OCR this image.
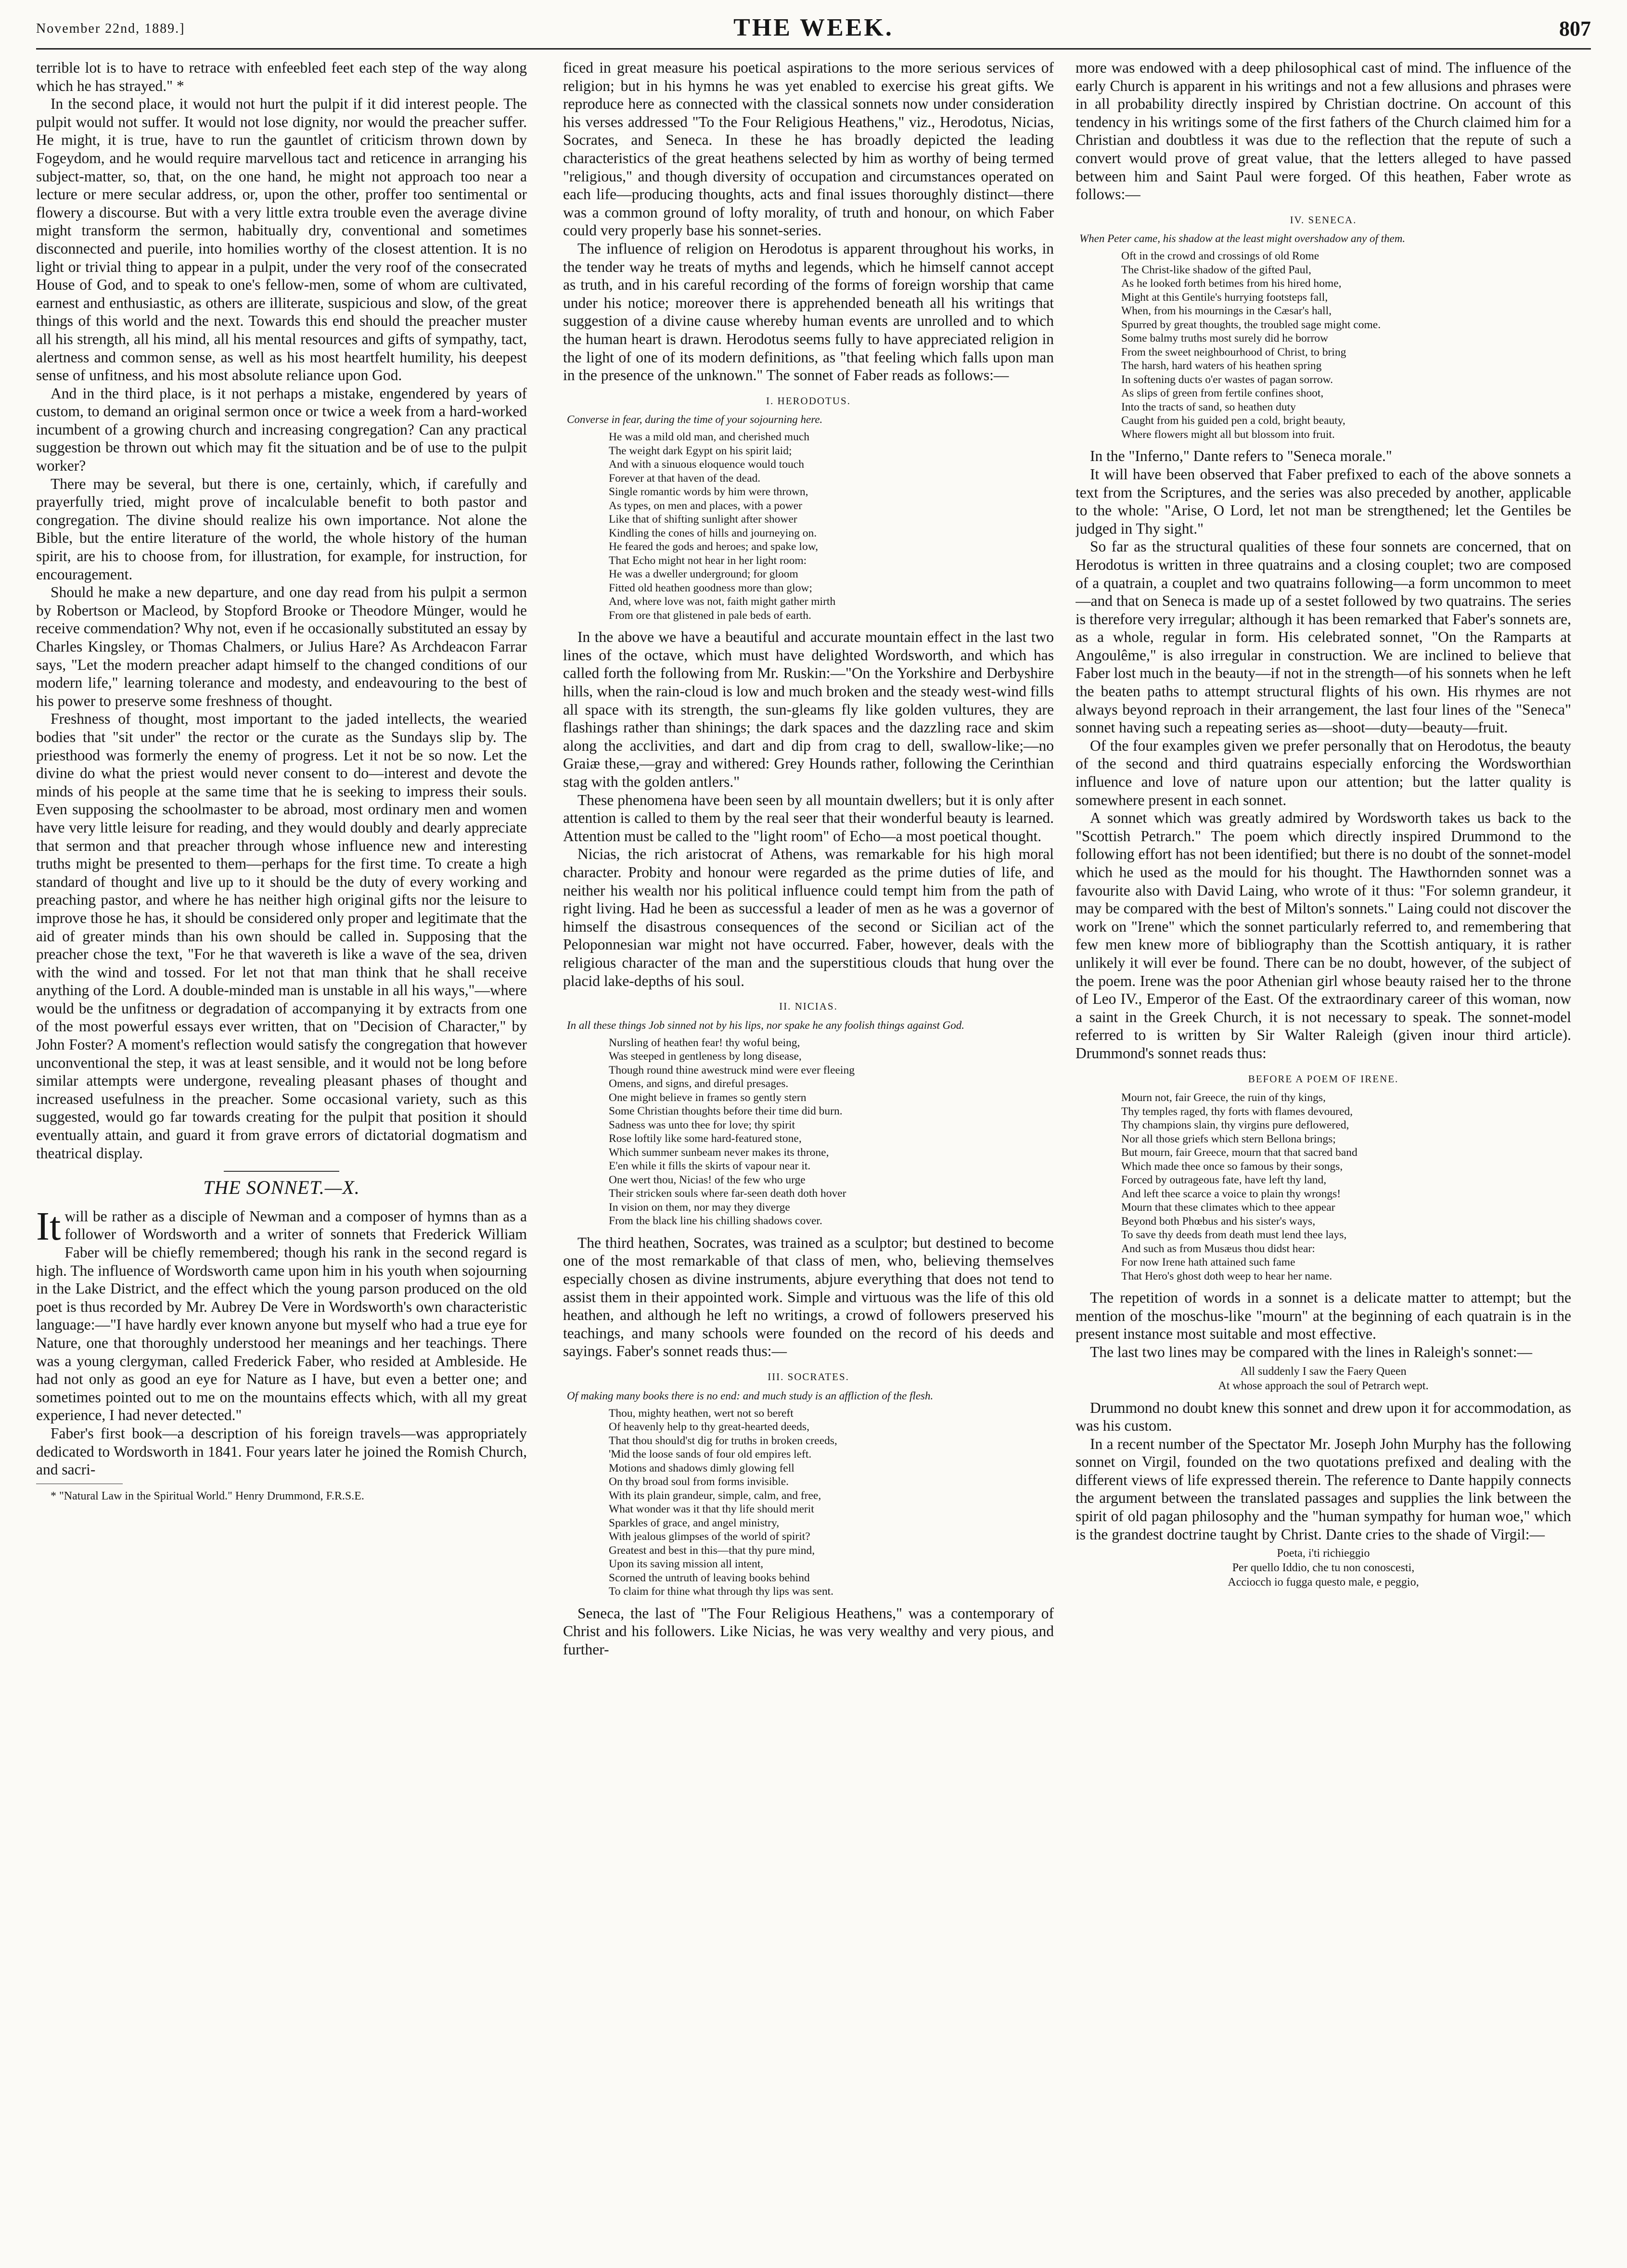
November 22nd, 1889.]	THE WEEK.	807

terrible lot is to have to retrace with enfeebled feet each step of the way along which he has strayed." *

In the second place, it would not hurt the pulpit if it did interest people. The pulpit would not suffer. It would not lose dignity, nor would the preacher suffer. He might, it is true, have to run the gauntlet of criticism thrown down by Fogeydom, and he would require marvellous tact and reticence in arranging his subject-matter, so, that, on the one hand, he might not approach too near a lecture or mere secular address, or, upon the other, proffer too sentimental or flowery a discourse. But with a very little extra trouble even the average divine might transform the sermon, habitually dry, conventional and sometimes disconnected and puerile, into homilies worthy of the closest attention. It is no light or trivial thing to appear in a pulpit, under the very roof of the consecrated House of God, and to speak to one's fellow-men, some of whom are cultivated, earnest and enthusiastic, as others are illiterate, suspicious and slow, of the great things of this world and the next. Towards this end should the preacher muster all his strength, all his mind, all his mental resources and gifts of sympathy, tact, alertness and common sense, as well as his most heartfelt humility, his deepest sense of unfitness, and his most absolute reliance upon God.

And in the third place, is it not perhaps a mistake, engendered by years of custom, to demand an original sermon once or twice a week from a hard-worked incumbent of a growing church and increasing congregation? Can any practical suggestion be thrown out which may fit the situation and be of use to the pulpit worker?

There may be several, but there is one, certainly, which, if carefully and prayerfully tried, might prove of incalculable benefit to both pastor and congregation. The divine should realize his own importance. Not alone the Bible, but the entire literature of the world, the whole history of the human spirit, are his to choose from, for illustration, for example, for instruction, for encouragement.

Should he make a new departure, and one day read from his pulpit a sermon by Robertson or Macleod, by Stopford Brooke or Theodore Münger, would he receive commendation? Why not, even if he occasionally substituted an essay by Charles Kingsley, or Thomas Chalmers, or Julius Hare? As Archdeacon Farrar says, "Let the modern preacher adapt himself to the changed conditions of our modern life," learning tolerance and modesty, and endeavouring to the best of his power to preserve some freshness of thought.

Freshness of thought, most important to the jaded intellects, the wearied bodies that "sit under" the rector or the curate as the Sundays slip by. The priesthood was formerly the enemy of progress. Let it not be so now. Let the divine do what the priest would never consent to do—interest and devote the minds of his people at the same time that he is seeking to impress their souls. Even supposing the schoolmaster to be abroad, most ordinary men and women have very little leisure for reading, and they would doubly and dearly appreciate that sermon and that preacher through whose influence new and interesting truths might be presented to them—perhaps for the first time. To create a high standard of thought and live up to it should be the duty of every working and preaching pastor, and where he has neither high original gifts nor the leisure to improve those he has, it should be considered only proper and legitimate that the aid of greater minds than his own should be called in. Supposing that the preacher chose the text, "For he that wavereth is like a wave of the sea, driven with the wind and tossed. For let not that man think that he shall receive anything of the Lord. A double-minded man is unstable in all his ways,"—where would be the unfitness or degradation of accompanying it by extracts from one of the most powerful essays ever written, that on "Decision of Character," by John Foster? A moment's reflection would satisfy the congregation that however unconventional the step, it was at least sensible, and it would not be long before similar attempts were undergone, revealing pleasant phases of thought and increased usefulness in the preacher. Some occasional variety, such as this suggested, would go far towards creating for the pulpit that position it should eventually attain, and guard it from grave errors of dictatorial dogmatism and theatrical display.

THE SONNET.—X.

It will be rather as a disciple of Newman and a composer of hymns than as a follower of Wordsworth and a writer of sonnets that Frederick William Faber will be chiefly remembered; though his rank in the second regard is high. The influence of Wordsworth came upon him in his youth when sojourning in the Lake District, and the effect which the young parson produced on the old poet is thus recorded by Mr. Aubrey De Vere in Wordsworth's own characteristic language:—"I have hardly ever known anyone but myself who had a true eye for Nature, one that thoroughly understood her meanings and her teachings. There was a young clergyman, called Frederick Faber, who resided at Ambleside. He had not only as good an eye for Nature as I have, but even a better one; and sometimes pointed out to me on the mountains effects which, with all my great experience, I had never detected."

Faber's first book—a description of his foreign travels—was appropriately dedicated to Wordsworth in 1841. Four years later he joined the Romish Church, and sacri-

* "Natural Law in the Spiritual World." Henry Drummond, F.R.S.E.

ficed in great measure his poetical aspirations to the more serious services of religion; but in his hymns he was yet enabled to exercise his great gifts. We reproduce here as connected with the classical sonnets now under consideration his verses addressed "To the Four Religious Heathens," viz., Herodotus, Nicias, Socrates, and Seneca. In these he has broadly depicted the leading characteristics of the great heathens selected by him as worthy of being termed "religious," and though diversity of occupation and circumstances operated on each life—producing thoughts, acts and final issues thoroughly distinct—there was a common ground of lofty morality, of truth and honour, on which Faber could very properly base his sonnet-series.

The influence of religion on Herodotus is apparent throughout his works, in the tender way he treats of myths and legends, which he himself cannot accept as truth, and in his careful recording of the forms of foreign worship that came under his notice; moreover there is apprehended beneath all his writings that suggestion of a divine cause whereby human events are unrolled and to which the human heart is drawn. Herodotus seems fully to have appreciated religion in the light of one of its modern definitions, as "that feeling which falls upon man in the presence of the unknown." The sonnet of Faber reads as follows:—

I. HERODOTUS.
Converse in fear, during the time of your sojourning here.
He was a mild old man, and cherished much
The weight dark Egypt on his spirit laid;
And with a sinuous eloquence would touch
Forever at that haven of the dead.
Single romantic words by him were thrown,
As types, on men and places, with a power
Like that of shifting sunlight after shower
Kindling the cones of hills and journeying on.
He feared the gods and heroes; and spake low,
That Echo might not hear in her light room:
He was a dweller underground; for gloom
Fitted old heathen goodness more than glow;
And, where love was not, faith might gather mirth
From ore that glistened in pale beds of earth.

In the above we have a beautiful and accurate mountain effect in the last two lines of the octave, which must have delighted Wordsworth, and which has called forth the following from Mr. Ruskin:—"On the Yorkshire and Derbyshire hills, when the rain-cloud is low and much broken and the steady west-wind fills all space with its strength, the sun-gleams fly like golden vultures, they are flashings rather than shinings; the dark spaces and the dazzling race and skim along the acclivities, and dart and dip from crag to dell, swallow-like;—no Graiæ these,—gray and withered: Grey Hounds rather, following the Cerinthian stag with the golden antlers."

These phenomena have been seen by all mountain dwellers; but it is only after attention is called to them by the real seer that their wonderful beauty is learned. Attention must be called to the "light room" of Echo—a most poetical thought.

Nicias, the rich aristocrat of Athens, was remarkable for his high moral character. Probity and honour were regarded as the prime duties of life, and neither his wealth nor his political influence could tempt him from the path of right living. Had he been as successful a leader of men as he was a governor of himself the disastrous consequences of the second or Sicilian act of the Peloponnesian war might not have occurred. Faber, however, deals with the religious character of the man and the superstitious clouds that hung over the placid lake-depths of his soul.

II. NICIAS.
In all these things Job sinned not by his lips, nor spake he any foolish things against God.
Nursling of heathen fear! thy woful being,
Was steeped in gentleness by long disease,
Though round thine awestruck mind were ever fleeing
Omens, and signs, and direful presages.
One might believe in frames so gently stern
Some Christian thoughts before their time did burn.
Sadness was unto thee for love; thy spirit
Rose loftily like some hard-featured stone,
Which summer sunbeam never makes its throne,
E'en while it fills the skirts of vapour near it.
One wert thou, Nicias! of the few who urge
Their stricken souls where far-seen death doth hover
In vision on them, nor may they diverge
From the black line his chilling shadows cover.

The third heathen, Socrates, was trained as a sculptor; but destined to become one of the most remarkable of that class of men, who, believing themselves especially chosen as divine instruments, abjure everything that does not tend to assist them in their appointed work. Simple and virtuous was the life of this old heathen, and although he left no writings, a crowd of followers preserved his teachings, and many schools were founded on the record of his deeds and sayings. Faber's sonnet reads thus:—

III. SOCRATES.
Of making many books there is no end: and much study is an affliction of the flesh.
Thou, mighty heathen, wert not so bereft
Of heavenly help to thy great-hearted deeds,
That thou should'st dig for truths in broken creeds,
'Mid the loose sands of four old empires left.
Motions and shadows dimly glowing fell
On thy broad soul from forms invisible.
With its plain grandeur, simple, calm, and free,
What wonder was it that thy life should merit
Sparkles of grace, and angel ministry,
With jealous glimpses of the world of spirit?
Greatest and best in this—that thy pure mind,
Upon its saving mission all intent,
Scorned the untruth of leaving books behind
To claim for thine what through thy lips was sent.

Seneca, the last of "The Four Religious Heathens," was a contemporary of Christ and his followers. Like Nicias, he was very wealthy and very pious, and further-

more was endowed with a deep philosophical cast of mind. The influence of the early Church is apparent in his writings and not a few allusions and phrases were in all probability directly inspired by Christian doctrine. On account of this tendency in his writings some of the first fathers of the Church claimed him for a Christian and doubtless it was due to the reflection that the repute of such a convert would prove of great value, that the letters alleged to have passed between him and Saint Paul were forged. Of this heathen, Faber wrote as follows:—

IV. SENECA.
When Peter came, his shadow at the least might overshadow any of them.
Oft in the crowd and crossings of old Rome
The Christ-like shadow of the gifted Paul,
As he looked forth betimes from his hired home,
Might at this Gentile's hurrying footsteps fall,
When, from his mournings in the Cæsar's hall,
Spurred by great thoughts, the troubled sage might come.
Some balmy truths most surely did he borrow
From the sweet neighbourhood of Christ, to bring
The harsh, hard waters of his heathen spring
In softening ducts o'er wastes of pagan sorrow.
As slips of green from fertile confines shoot,
Into the tracts of sand, so heathen duty
Caught from his guided pen a cold, bright beauty,
Where flowers might all but blossom into fruit.

In the "Inferno," Dante refers to "Seneca morale."

It will have been observed that Faber prefixed to each of the above sonnets a text from the Scriptures, and the series was also preceded by another, applicable to the whole: "Arise, O Lord, let not man be strengthened; let the Gentiles be judged in Thy sight."

So far as the structural qualities of these four sonnets are concerned, that on Herodotus is written in three quatrains and a closing couplet; two are composed of a quatrain, a couplet and two quatrains following—a form uncommon to meet—and that on Seneca is made up of a sestet followed by two quatrains. The series is therefore very irregular; although it has been remarked that Faber's sonnets are, as a whole, regular in form. His celebrated sonnet, "On the Ramparts at Angoulême," is also irregular in construction. We are inclined to believe that Faber lost much in the beauty—if not in the strength—of his sonnets when he left the beaten paths to attempt structural flights of his own. His rhymes are not always beyond reproach in their arrangement, the last four lines of the "Seneca" sonnet having such a repeating series as—shoot—duty—beauty—fruit.

Of the four examples given we prefer personally that on Herodotus, the beauty of the second and third quatrains especially enforcing the Wordsworthian influence and love of nature upon our attention; but the latter quality is somewhere present in each sonnet.

A sonnet which was greatly admired by Wordsworth takes us back to the "Scottish Petrarch." The poem which directly inspired Drummond to the following effort has not been identified; but there is no doubt of the sonnet-model which he used as the mould for his thought. The Hawthornden sonnet was a favourite also with David Laing, who wrote of it thus: "For solemn grandeur, it may be compared with the best of Milton's sonnets." Laing could not discover the work on "Irene" which the sonnet particularly referred to, and remembering that few men knew more of bibliography than the Scottish antiquary, it is rather unlikely it will ever be found. There can be no doubt, however, of the subject of the poem. Irene was the poor Athenian girl whose beauty raised her to the throne of Leo IV., Emperor of the East. Of the extraordinary career of this woman, now a saint in the Greek Church, it is not necessary to speak. The sonnet-model referred to is written by Sir Walter Raleigh (given inour third article). Drummond's sonnet reads thus:

BEFORE A POEM OF IRENE.
Mourn not, fair Greece, the ruin of thy kings,
Thy temples raged, thy forts with flames devoured,
Thy champions slain, thy virgins pure deflowered,
Nor all those griefs which stern Bellona brings;
But mourn, fair Greece, mourn that that sacred band
Which made thee once so famous by their songs,
Forced by outrageous fate, have left thy land,
And left thee scarce a voice to plain thy wrongs!
Mourn that these climates which to thee appear
Beyond both Phœbus and his sister's ways,
To save thy deeds from death must lend thee lays,
And such as from Musæus thou didst hear:
For now Irene hath attained such fame
That Hero's ghost doth weep to hear her name.

The repetition of words in a sonnet is a delicate matter to attempt; but the mention of the moschus-like "mourn" at the beginning of each quatrain is in the present instance most suitable and most effective.

The last two lines may be compared with the lines in Raleigh's sonnet:—

All suddenly I saw the Faery Queen
At whose approach the soul of Petrarch wept.

Drummond no doubt knew this sonnet and drew upon it for accommodation, as was his custom.

In a recent number of the Spectator Mr. Joseph John Murphy has the following sonnet on Virgil, founded on the two quotations prefixed and dealing with the different views of life expressed therein. The reference to Dante happily connects the argument between the translated passages and supplies the link between the spirit of old pagan philosophy and the "human sympathy for human woe," which is the grandest doctrine taught by Christ. Dante cries to the shade of Virgil:—

Poeta, i'ti richieggio
Per quello Iddio, che tu non conoscesti,
Acciocch io fugga questo male, e peggio,
